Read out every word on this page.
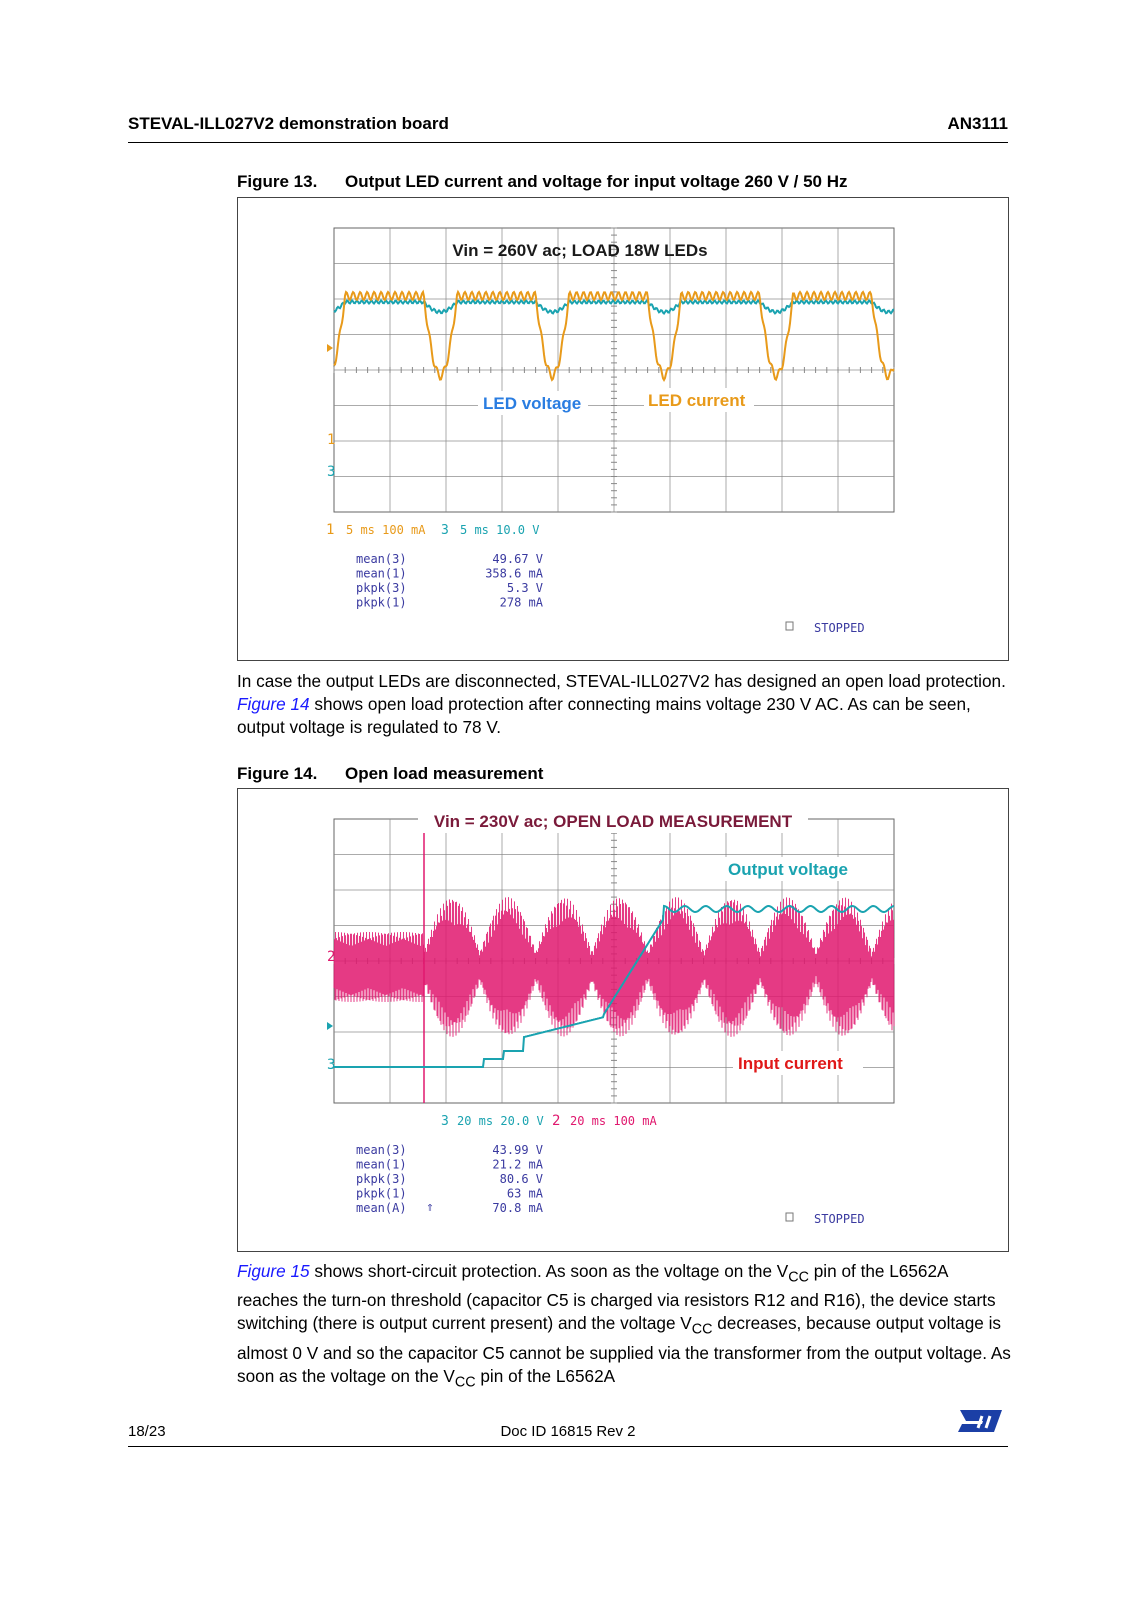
STEVAL-ILL027V2 demonstration board	AN3111
Figure 13. Output LED current and voltage for input voltage 260 V / 50 Hz
Vin = 260V ac; LOAD 18W LEDs
LED voltage	LED current
1
3
1 5 ms 100 mA 3 5 ms 10.0 V
mean(3)	49.67 V
mean(1)	358.6 mA
pkpk(3)	5.3 V
pkpk(1)	278 mA
STOPPED
In case the output LEDs are disconnected, STEVAL-ILL027V2 has designed an open load protection. Figure 14 shows open load protection after connecting mains voltage 230 V AC. As can be seen, output voltage is regulated to 78 V.
Figure 14. Open load measurement
Vin = 230V ac; OPEN LOAD MEASUREMENT
Output voltage
Input current
2
3
3 20 ms 20.0 V 2 20 ms 100 mA
mean(3)	43.99 V
mean(1)	21.2 mA
pkpk(3)	80.6 V
pkpk(1)	63 mA
mean(A)	70.8 mA
⇑
STOPPED
Figure 15 shows short-circuit protection. As soon as the voltage on the $V_{CC}$ pin of the L6562A reaches the turn-on threshold (capacitor C5 is charged via resistors R12 and R16), the device starts switching (there is output current present) and the voltage $V_{CC}$ decreases, because output voltage is almost 0 V and so the capacitor C5 cannot be supplied via the transformer from the output voltage. As soon as the voltage on the $V_{CC}$ pin of the L6562A
18/23	Doc ID 16815 Rev 2
